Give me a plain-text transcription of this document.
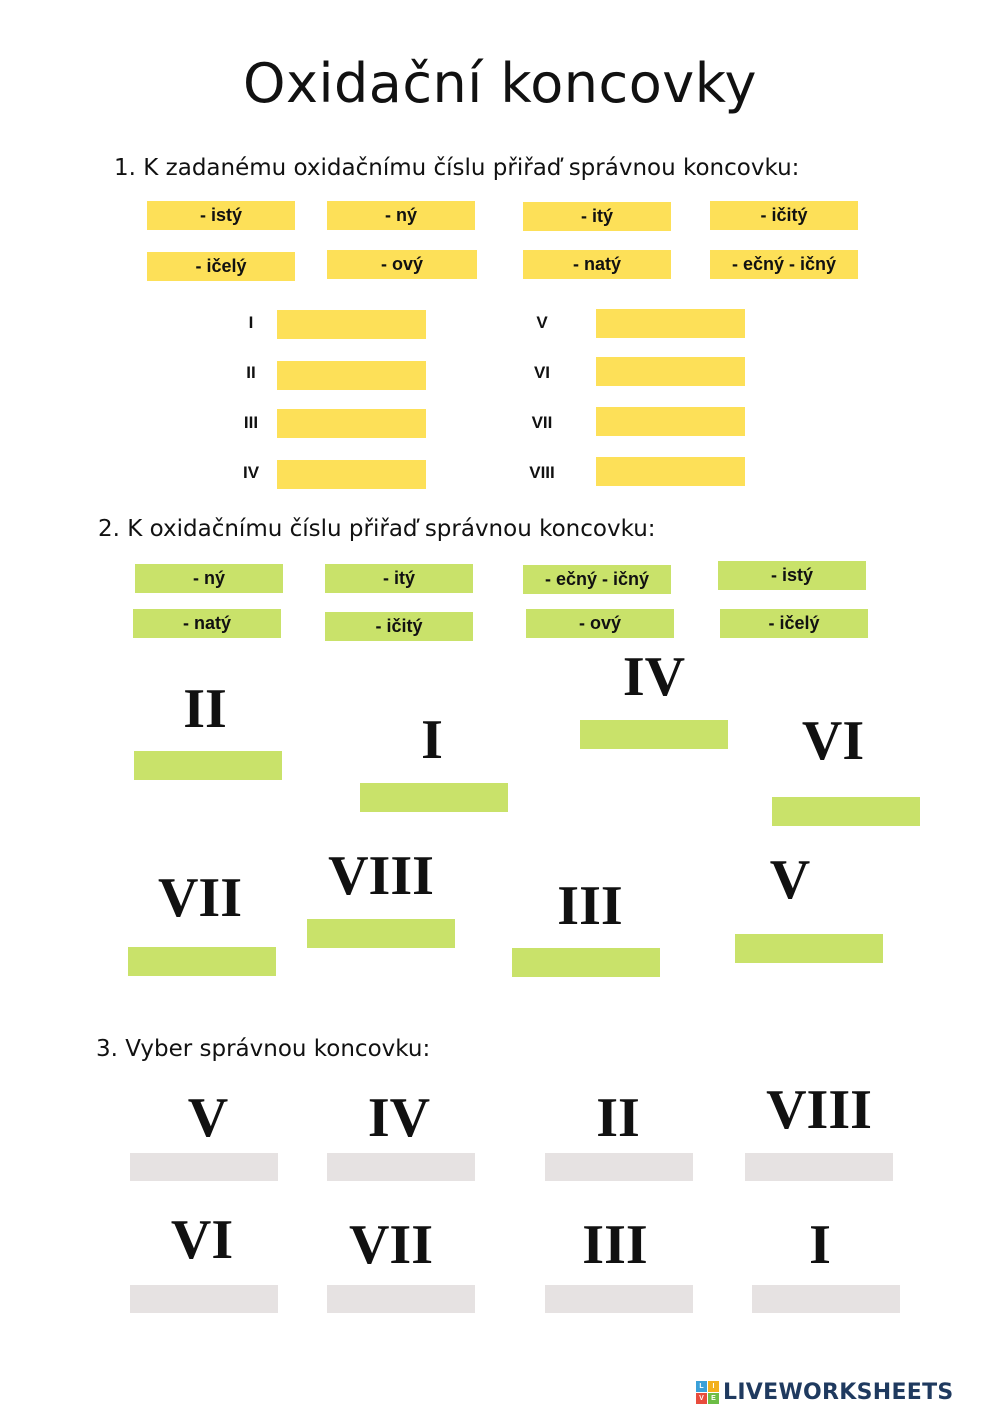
Oxidační koncovky
1. K zadanému oxidačnímu číslu přiřaď správnou koncovku:
- istý	- ný	- itý	- ičitý
- ičelý	- ový	- natý	- ečný - ičný
I
II
III
IV
V
VI
VII
VIII
2. K oxidačnímu číslu přiřaď správnou koncovku:
- ný	- itý	- ečný - ičný	- istý
- natý	- ičitý	- ový	- ičelý
II	I
IV
VI
VII	VIII	III	V
3. Vyber správnou koncovku:
V	IV	II	VIII
VI	VII	III	I
L	I
V	E LIVEWORKSHEETS
